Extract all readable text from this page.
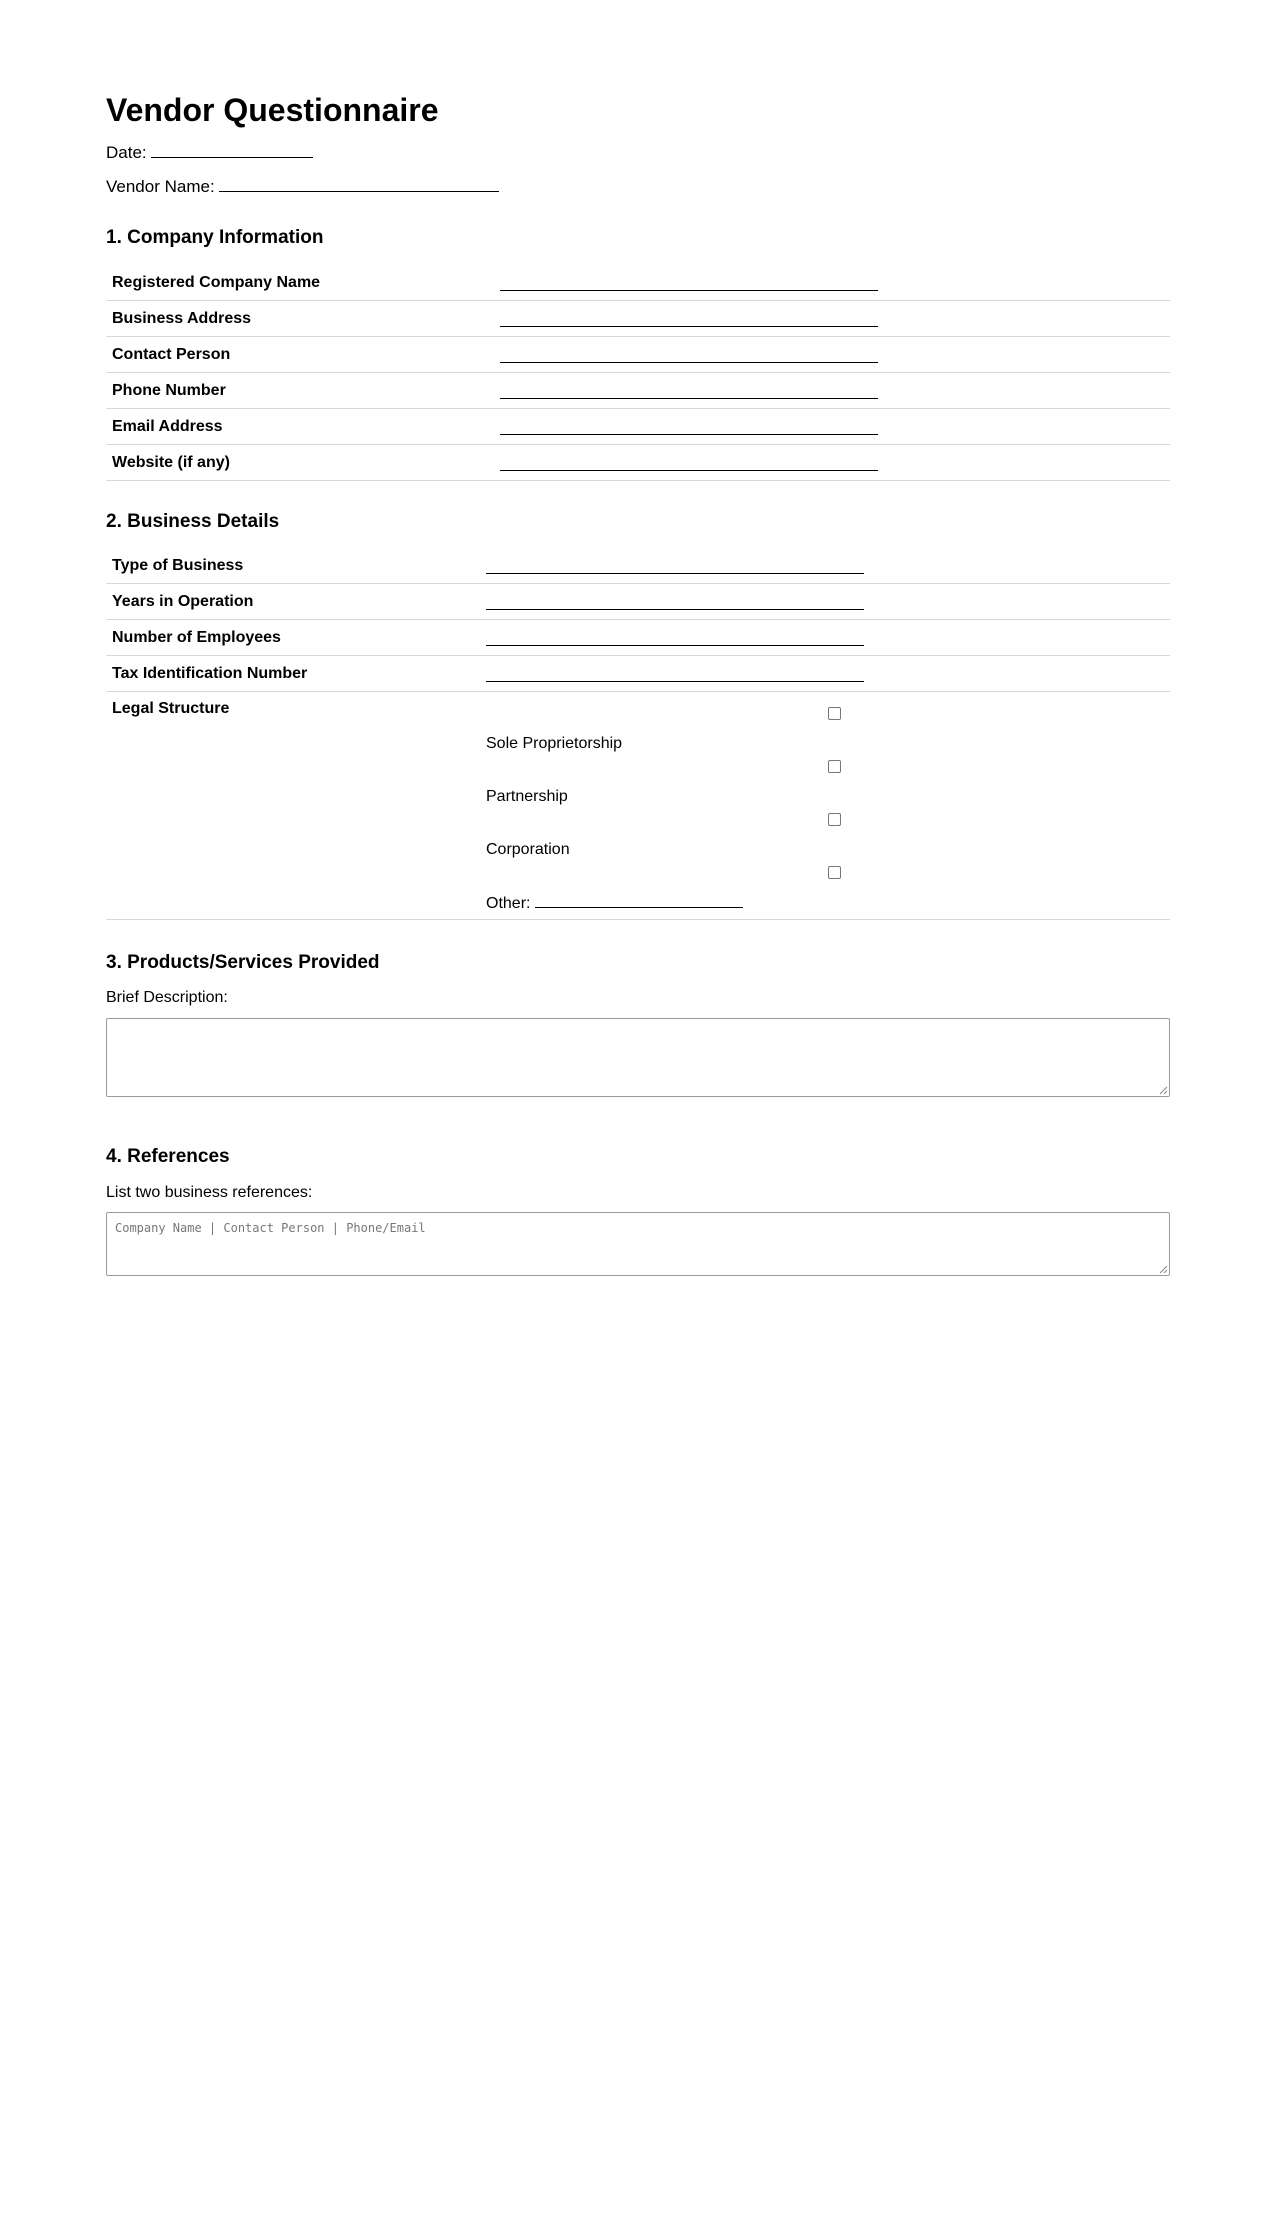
Vendor Questionnaire
Date:
Vendor Name:
1. Company Information
Registered Company Name
Business Address
Contact Person
Phone Number
Email Address
Website (if any)
2. Business Details
Type of Business
Years in Operation
Number of Employees
Tax Identification Number
Legal Structure
Sole Proprietorship
Partnership
Corporation
Other:
3. Products/Services Provided
Brief Description:
4. References
List two business references:
Company Name | Contact Person | Phone/Email
